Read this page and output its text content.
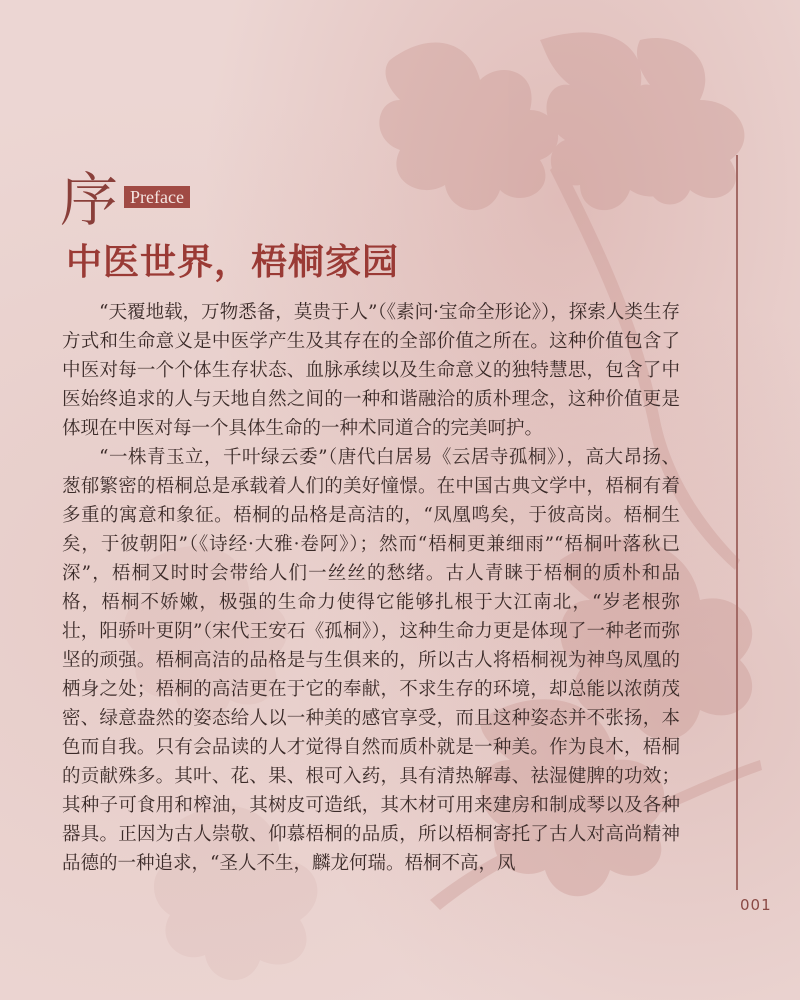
序 Preface
中医世界，梧桐家园

“天覆地载，万物悉备，莫贵于人”（《素问·宝命全形论》），探索人类生存方式和生命意义是中医学产生及其存在的全部价值之所在。这种价值包含了中医对每一个个体生存状态、血脉承续以及生命意义的独特慧思，包含了中医始终追求的人与天地自然之间的一种和谐融洽的质朴理念，这种价值更是体现在中医对每一个具体生命的一种术同道合的完美呵护。

“一株青玉立，千叶绿云委”（唐代白居易《云居寺孤桐》），高大昂扬、葱郁繁密的梧桐总是承载着人们的美好憧憬。在中国古典文学中，梧桐有着多重的寓意和象征。梧桐的品格是高洁的，“凤凰鸣矣，于彼高岗。梧桐生矣，于彼朝阳”（《诗经·大雅·卷阿》）；然而“梧桐更兼细雨”“梧桐叶落秋已深”，梧桐又时时会带给人们一丝丝的愁绪。古人青睐于梧桐的质朴和品格，梧桐不娇嫩，极强的生命力使得它能够扎根于大江南北，“岁老根弥壮，阳骄叶更阴”（宋代王安石《孤桐》），这种生命力更是体现了一种老而弥坚的顽强。梧桐高洁的品格是与生俱来的，所以古人将梧桐视为神鸟凤凰的栖身之处；梧桐的高洁更在于它的奉献，不求生存的环境，却总能以浓荫茂密、绿意盎然的姿态给人以一种美的感官享受，而且这种姿态并不张扬，本色而自我。只有会品读的人才觉得自然而质朴就是一种美。作为良木，梧桐的贡献殊多。其叶、花、果、根可入药，具有清热解毒、祛湿健脾的功效；其种子可食用和榨油，其树皮可造纸，其木材可用来建房和制成琴以及各种器具。正因为古人崇敬、仰慕梧桐的品质，所以梧桐寄托了古人对高尚精神品德的一种追求，“圣人不生，麟龙何瑞。梧桐不高，凤

001
